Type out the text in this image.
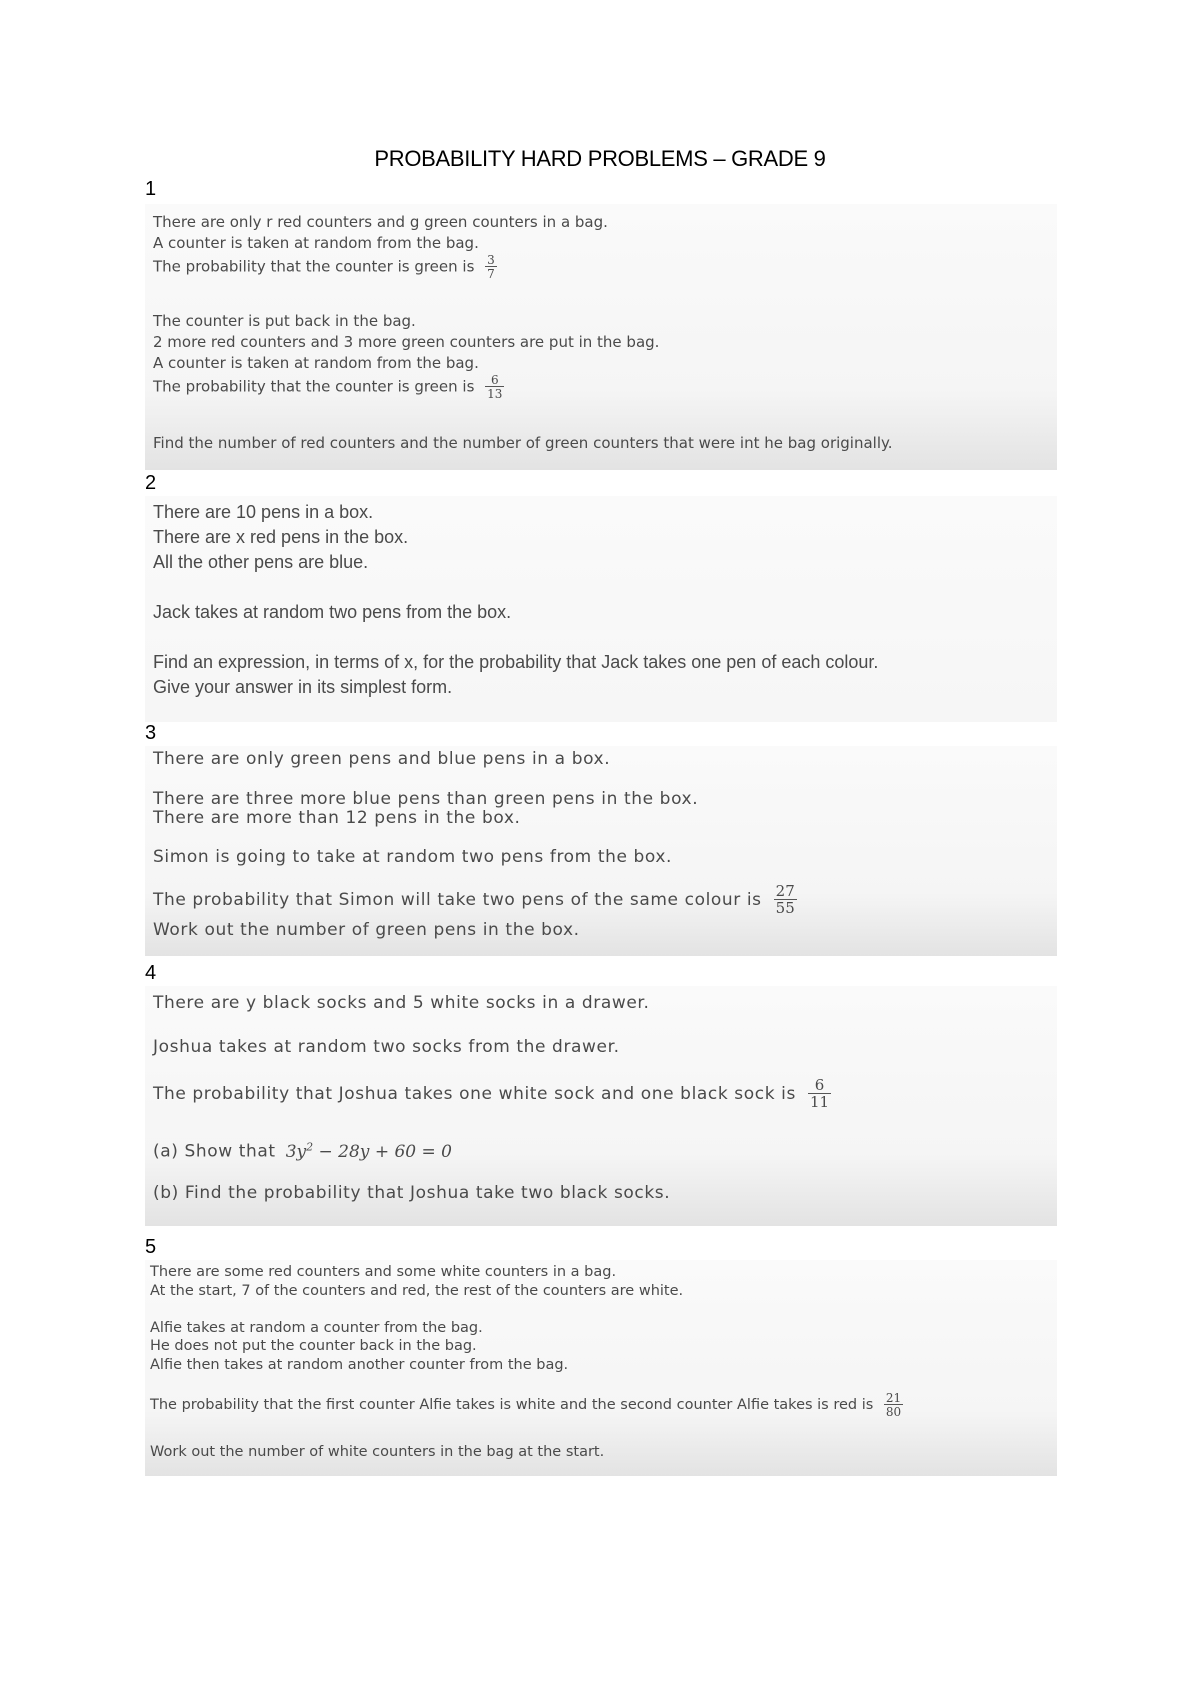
PROBABILITY HARD PROBLEMS – GRADE 9
1
There are only r red counters and g green counters in a bag.
A counter is taken at random from the bag.
The probability that the counter is green is $\frac{3}{7}$
The counter is put back in the bag.
2 more red counters and 3 more green counters are put in the bag.
A counter is taken at random from the bag.
The probability that the counter is green is $\frac{6}{13}$
Find the number of red counters and the number of green counters that were int he bag originally.
2
There are 10 pens in a box.
There are x red pens in the box.
All the other pens are blue.
Jack takes at random two pens from the box.
Find an expression, in terms of x, for the probability that Jack takes one pen of each colour.
Give your answer in its simplest form.
3
There are only green pens and blue pens in a box.
There are three more blue pens than green pens in the box.
There are more than 12 pens in the box.
Simon is going to take at random two pens from the box.
The probability that Simon will take two pens of the same colour is $\frac{27}{55}$
Work out the number of green pens in the box.
4
There are y black socks and 5 white socks in a drawer.
Joshua takes at random two socks from the drawer.
The probability that Joshua takes one white sock and one black sock is $\frac{6}{11}$
(a) Show that $3y^2 - 28y + 60 = 0$
(b) Find the probability that Joshua take two black socks.
5
There are some red counters and some white counters in a bag.
At the start, 7 of the counters and red, the rest of the counters are white.
Alfie takes at random a counter from the bag.
He does not put the counter back in the bag.
Alfie then takes at random another counter from the bag.
The probability that the first counter Alfie takes is white and the second counter Alfie takes is red is $\frac{21}{80}$
Work out the number of white counters in the bag at the start.
